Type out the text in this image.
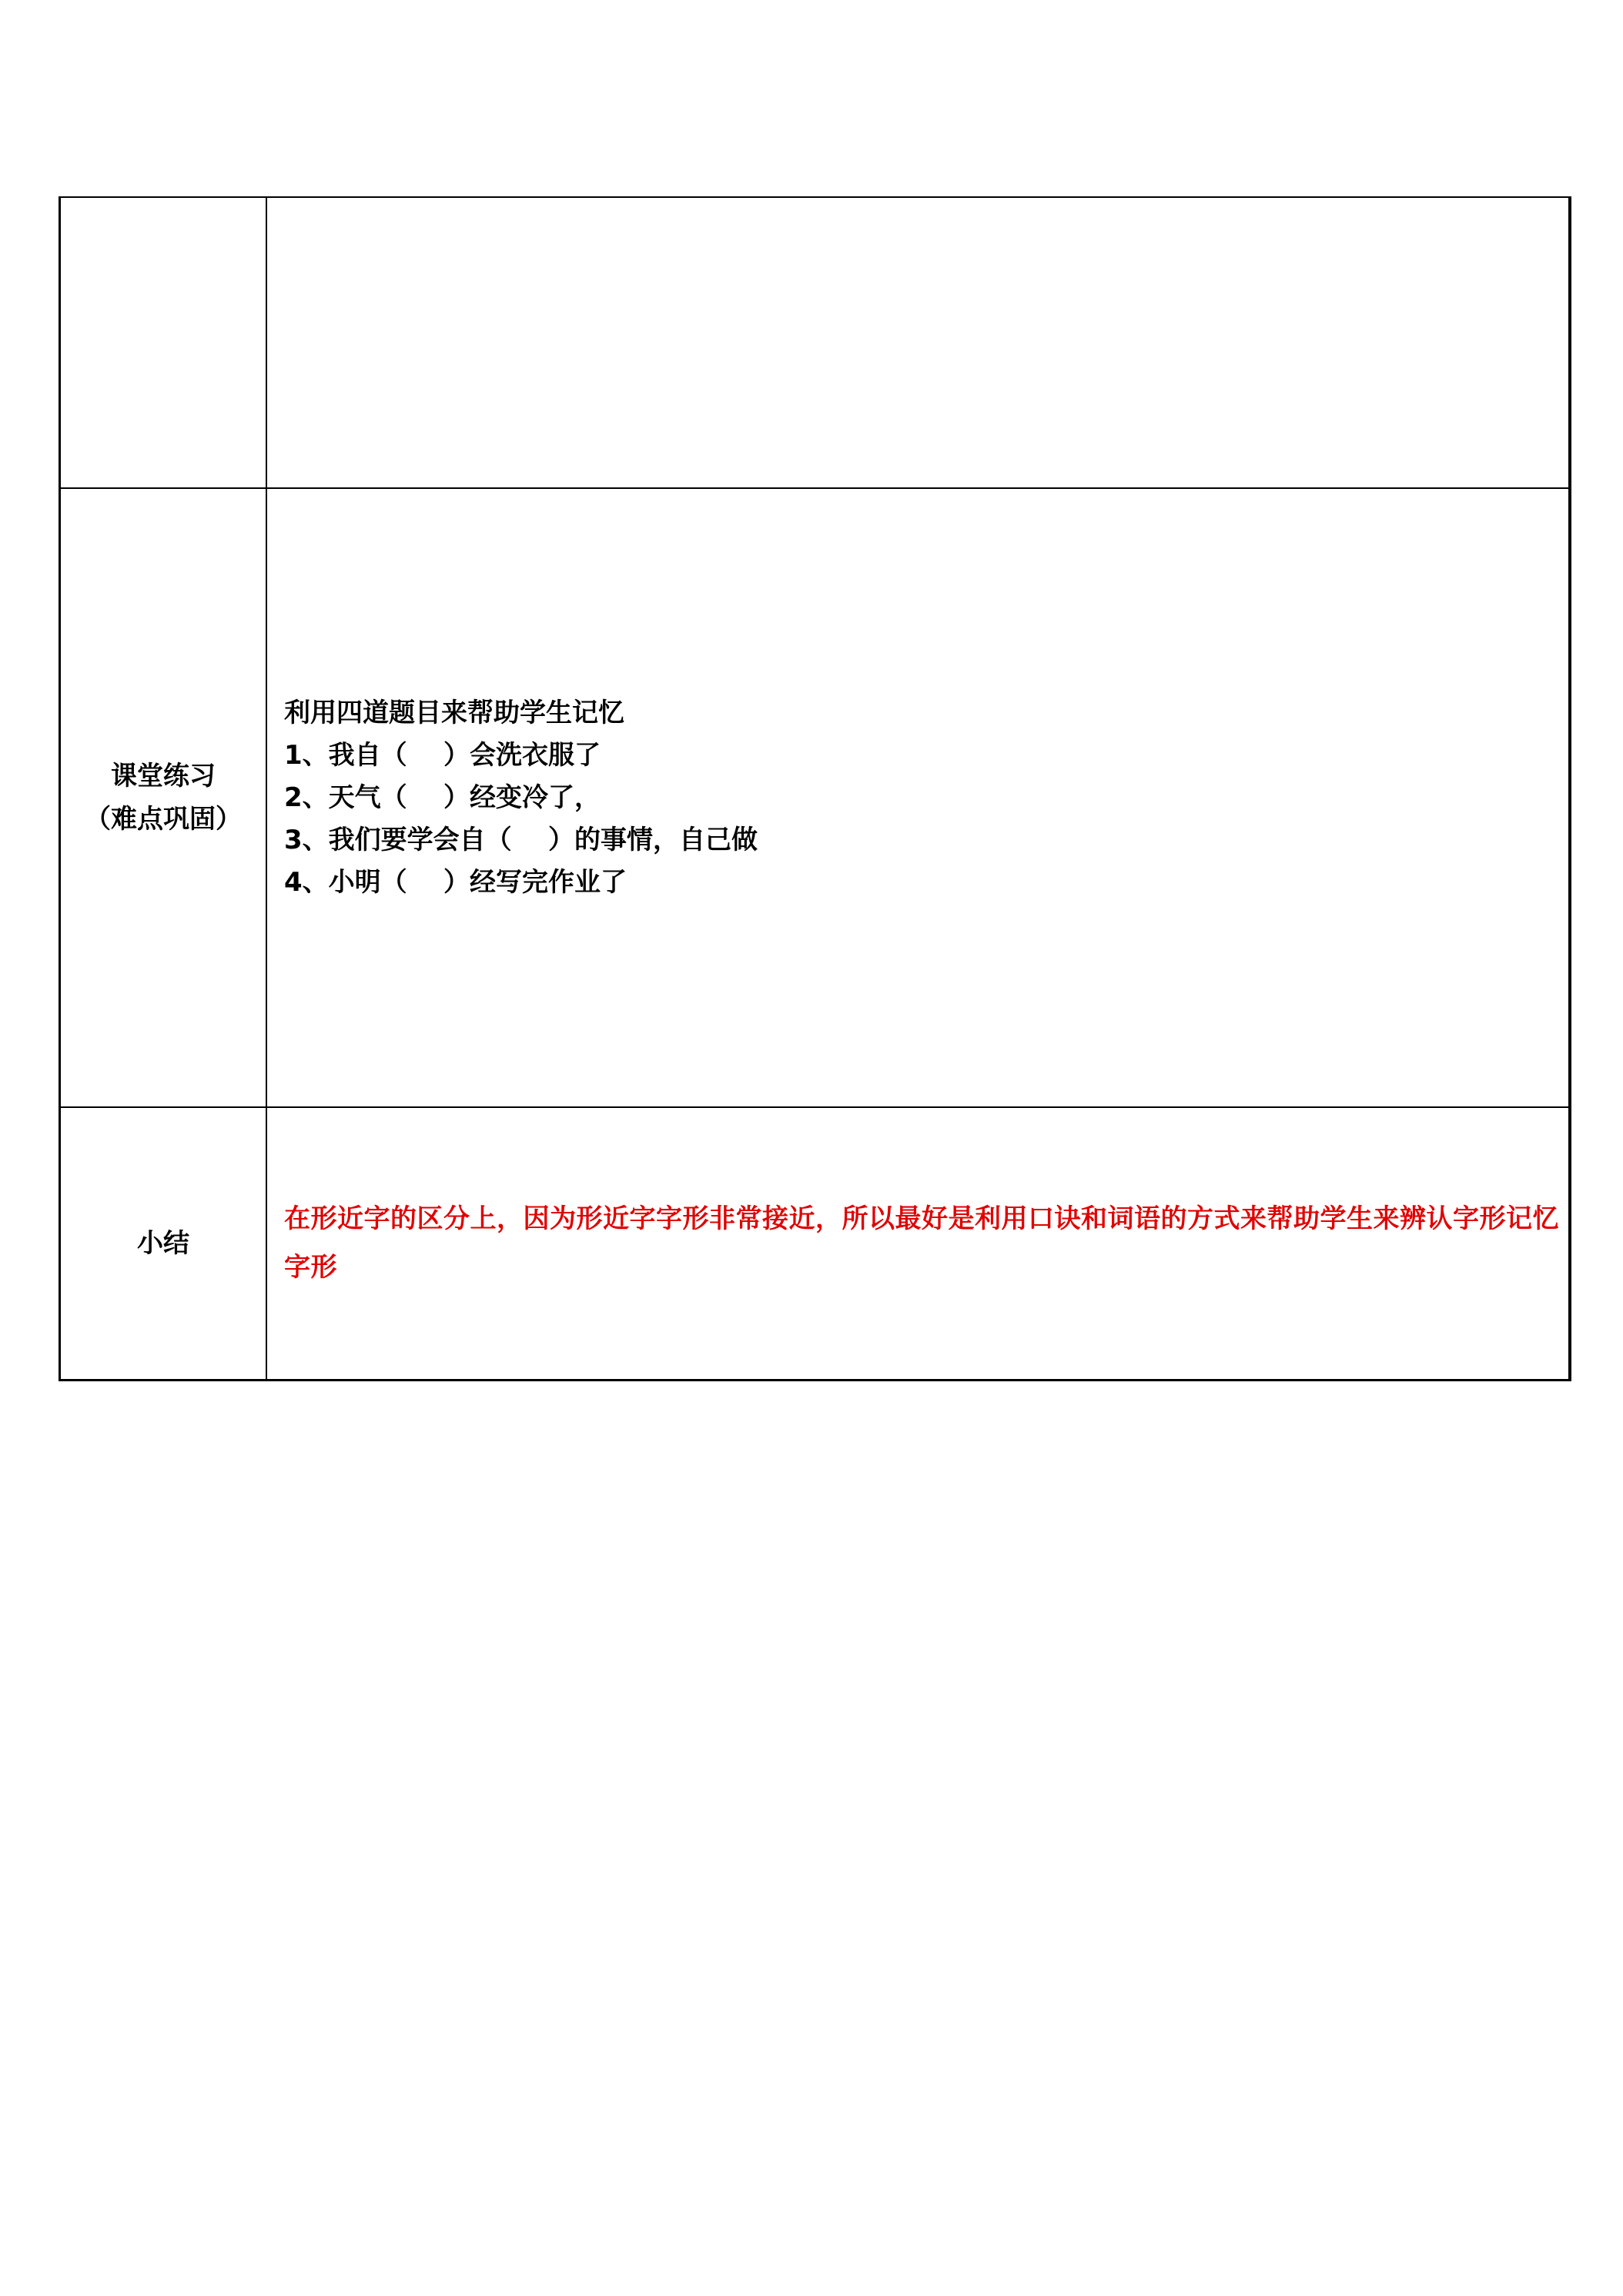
课堂练习
（难点巩固）	利用四道题目来帮助学生记忆
1、我自（    ）会洗衣服了
2、天气（    ）经变冷了，
3、我们要学会自（    ）的事情，自己做
4、小明（    ）经写完作业了

小结	在形近字的区分上，因为形近字字形非常接近，所以最好是利用口诀和词语的方式来帮助学生来辨认字形记忆字形
